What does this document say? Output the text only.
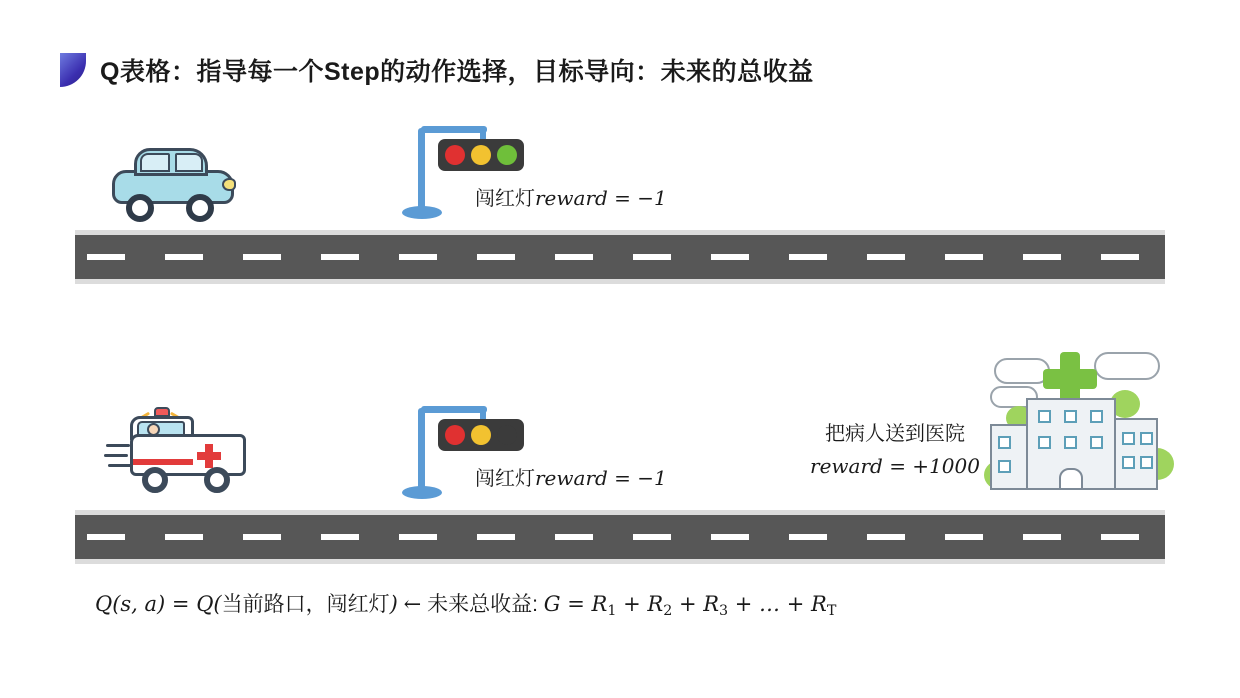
Q表格：指导每一个Step的动作选择，目标导向：未来的总收益
闯红灯reward = −1
闯红灯reward = −1
把病人送到医院
reward = +1000
Q(s, a) = Q(当前路口，闯红灯) ← 未来总收益: $G = R_1 + R_2 + R_3$ + … + $R_T$
